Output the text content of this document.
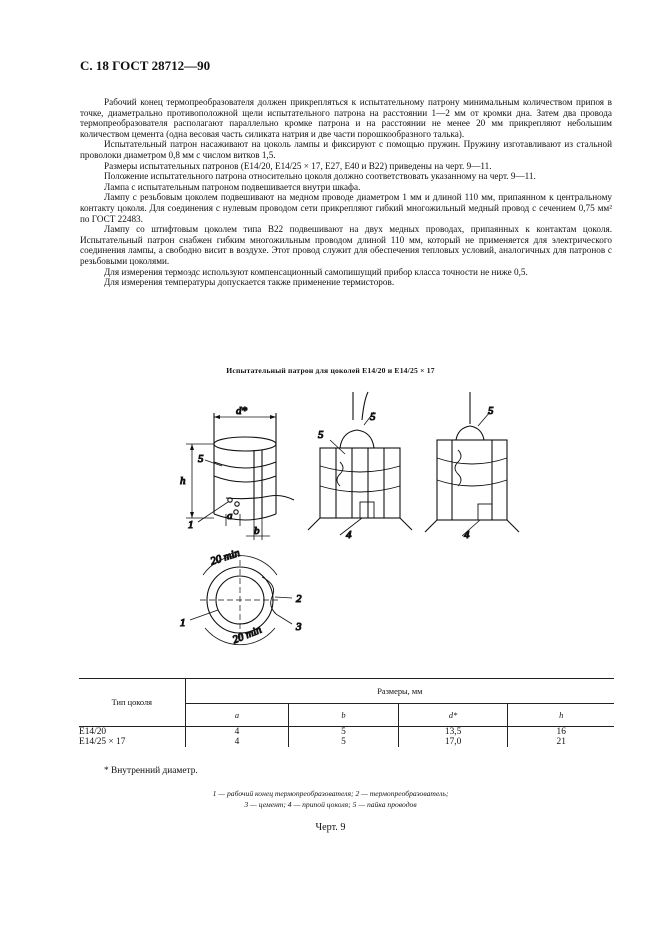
С. 18 ГОСТ 28712—90

Рабочий конец термопреобразователя должен прикрепляться к испытательному патрону минимальным количеством припоя в точке, диаметрально противоположной щели испытательного патрона на расстоянии 1—2 мм от кромки дна. Затем два провода термопреобразователя располагают параллельно кромке патрона и на расстоянии не менее 20 мм прикрепляют небольшим количеством цемента (одна весовая часть силиката натрия и две части порошкообразного талька).

Испытательный патрон насаживают на цоколь лампы и фиксируют с помощью пружин. Пружину изготавливают из стальной проволоки диаметром 0,8 мм с числом витков 1,5.

Размеры испытательных патронов (Е14/20, Е14/25 × 17, Е27, Е40 и В22) приведены на черт. 9—11.

Положение испытательного патрона относительно цоколя должно соответствовать указанному на черт. 9—11.

Лампа с испытательным патроном подвешивается внутри шкафа.

Лампу с резьбовым цоколем подвешивают на медном проводе диаметром 1 мм и длиной 110 мм, припаянном к центральному контакту цоколя. Для соединения с нулевым проводом сети прикрепляют гибкий многожильный медный провод с сечением 0,75 мм² по ГОСТ 22483.

Лампу со штифтовым цоколем типа В22 подвешивают на двух медных проводах, припаянных к контактам цоколя. Испытательный патрон снабжен гибким многожильным проводом длиной 110 мм, который не применяется для электрического соединения лампы, а свободно висит в воздухе. Этот провод служит для обеспечения тепловых условий, аналогичных для патронов с резьбовыми цоколями.

Для измерения термоэдс используют компенсационный самопишущий прибор класса точности не ниже 0,5.

Для измерения температуры допускается также применение термисторов.

Испытательный патрон для цоколей Е14/20 и Е14/25 × 17
d*
h
5
1
a
b
5
5
4
5
4
20 min
20 min
1
2
3
Тип цоколя	Размеры, мм			
	a	b	d*	h
Е14/20	4	5	13,5	16
Е14/25 × 17	4	5	17,0	21
* Внутренний диаметр.
1 — рабочий конец термопреобразователя; 2 — термопреобразователь;
3 — цемент; 4 — припой цоколя; 5 — пайка проводов
Черт. 9
